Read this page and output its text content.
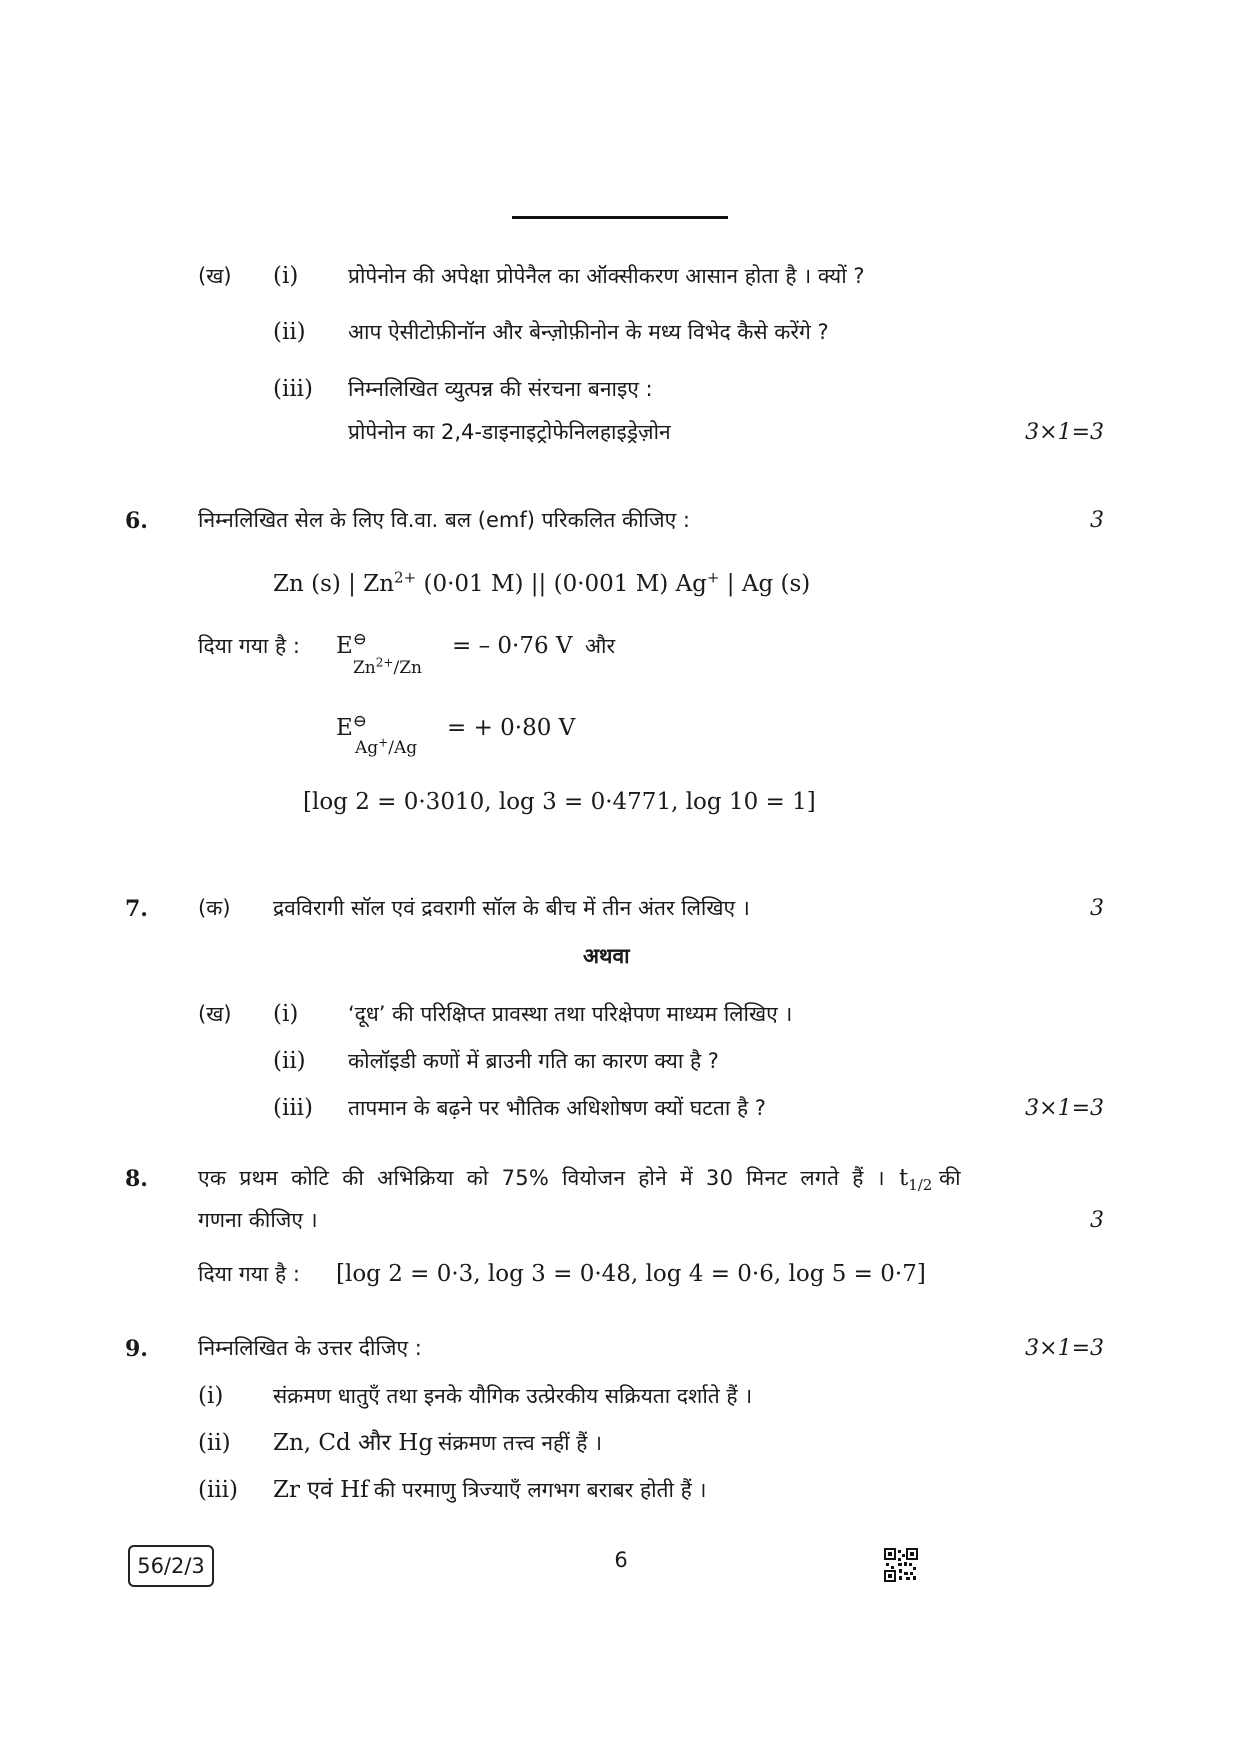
(ख) (i) प्रोपेनोन की अपेक्षा प्रोपेनैल का ऑक्सीकरण आसान होता है । क्यों ?
(ii) आप ऐसीटोफ़ीनॉन और बेन्ज़ोफ़ीनोन के मध्य विभेद कैसे करेंगे ?
(iii) निम्नलिखित व्युत्पन्न की संरचना बनाइए :
प्रोपेनोन का 2,4-डाइनाइट्रोफेनिलहाइड्रेज़ोन	3×1=3
6. निम्नलिखित सेल के लिए वि.वा. बल (emf) परिकलित कीजिए :	3
Zn (s) | $Zn^{2+}$ (0·01 M) || (0·001 M) Ag+ | Ag (s)
दिया गया है : E⊖
$Zn^{2+}/Zn$
= – 0·76 V और
E⊖
Ag+/Ag
= + 0·80 V
[log 2 = 0·3010, log 3 = 0·4771, log 10 = 1]
7. (क) द्रवविरागी सॉल एवं द्रवरागी सॉल के बीच में तीन अंतर लिखिए ।	3
अथवा
(ख) (i) ‘दूध’ की परिक्षिप्त प्रावस्था तथा परिक्षेपण माध्यम लिखिए ।
(ii) कोलॉइडी कणों में ब्राउनी गति का कारण क्या है ?
(iii) तापमान के बढ़ने पर भौतिक अधिशोषण क्यों घटता है ?	3×1=3
8. एक प्रथम कोटि की अभिक्रिया को 75% वियोजन होने में 30 मिनट लगते हैं । $t_{1/2}$ की
गणना कीजिए ।	3
दिया गया है : [log 2 = 0·3, log 3 = 0·48, log 4 = 0·6, log 5 = 0·7]
9. निम्नलिखित के उत्तर दीजिए :	3×1=3
(i) संक्रमण धातुएँ तथा इनके यौगिक उत्प्रेरकीय सक्रियता दर्शाते हैं ।
(ii) Zn, Cd और Hg संक्रमण तत्त्व नहीं हैं ।
(iii) Zr एवं Hf की परमाणु त्रिज्याएँ लगभग बराबर होती हैं ।
56/2/3	6
